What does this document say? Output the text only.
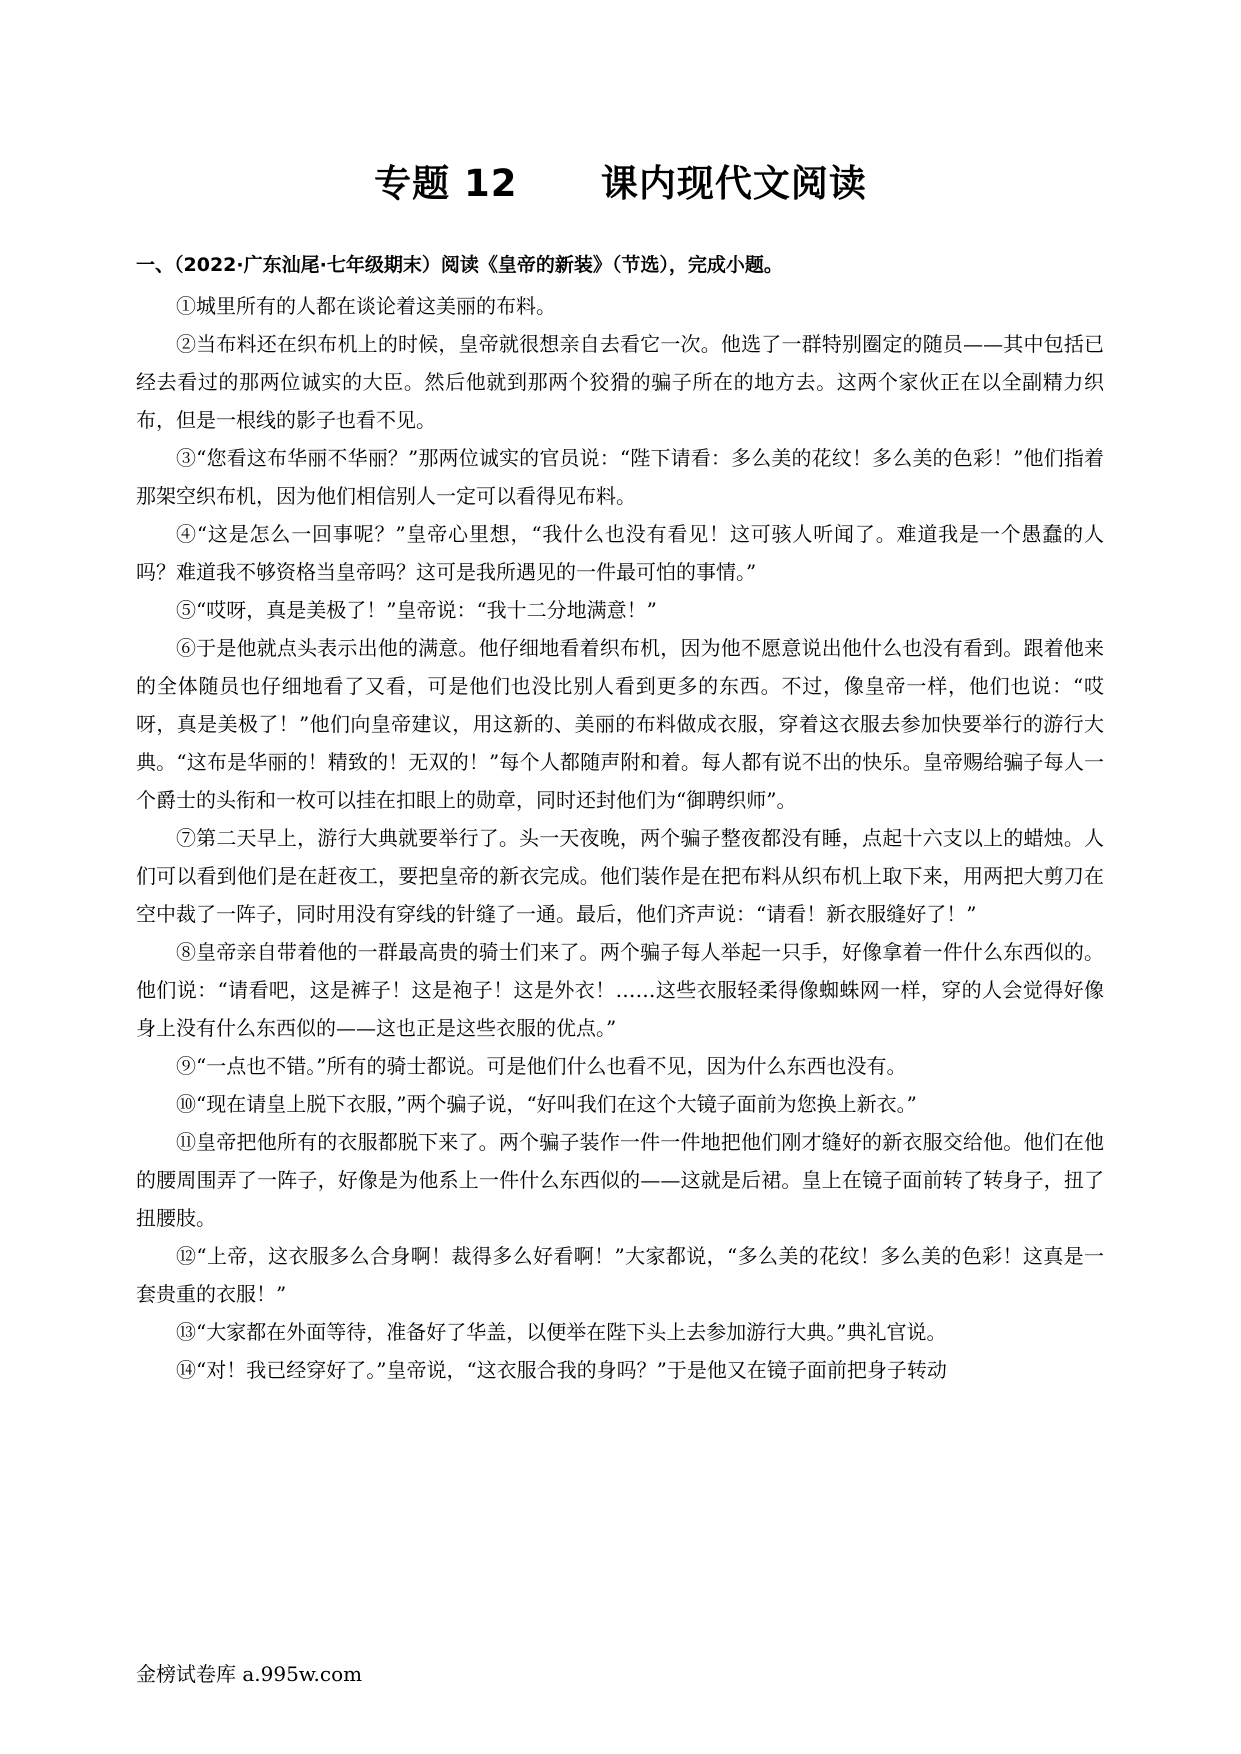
专题 12      课内现代文阅读
一、（2022·广东汕尾·七年级期末）阅读《皇帝的新装》（节选），完成小题。

①城里所有的人都在谈论着这美丽的布料。

②当布料还在织布机上的时候，皇帝就很想亲自去看它一次。他选了一群特别圈定的随员——其中包括已经去看过的那两位诚实的大臣。然后他就到那两个狡猾的骗子所在的地方去。这两个家伙正在以全副精力织布，但是一根线的影子也看不见。

③“您看这布华丽不华丽？”那两位诚实的官员说：“陛下请看：多么美的花纹！多么美的色彩！”他们指着那架空织布机，因为他们相信别人一定可以看得见布料。

④“这是怎么一回事呢？”皇帝心里想，“我什么也没有看见！这可骇人听闻了。难道我是一个愚蠢的人吗？难道我不够资格当皇帝吗？这可是我所遇见的一件最可怕的事情。”

⑤“哎呀，真是美极了！”皇帝说：“我十二分地满意！”

⑥于是他就点头表示出他的满意。他仔细地看着织布机，因为他不愿意说出他什么也没有看到。跟着他来的全体随员也仔细地看了又看，可是他们也没比别人看到更多的东西。不过，像皇帝一样，他们也说：“哎呀，真是美极了！”他们向皇帝建议，用这新的、美丽的布料做成衣服，穿着这衣服去参加快要举行的游行大典。“这布是华丽的！精致的！无双的！”每个人都随声附和着。每人都有说不出的快乐。皇帝赐给骗子每人一个爵士的头衔和一枚可以挂在扣眼上的勋章，同时还封他们为“御聘织师”。

⑦第二天早上，游行大典就要举行了。头一天夜晚，两个骗子整夜都没有睡，点起十六支以上的蜡烛。人们可以看到他们是在赶夜工，要把皇帝的新衣完成。他们装作是在把布料从织布机上取下来，用两把大剪刀在空中裁了一阵子，同时用没有穿线的针缝了一通。最后，他们齐声说：“请看！新衣服缝好了！”

⑧皇帝亲自带着他的一群最高贵的骑士们来了。两个骗子每人举起一只手，好像拿着一件什么东西似的。他们说：“请看吧，这是裤子！这是袍子！这是外衣！……这些衣服轻柔得像蜘蛛网一样，穿的人会觉得好像身上没有什么东西似的——这也正是这些衣服的优点。”

⑨“一点也不错。”所有的骑士都说。可是他们什么也看不见，因为什么东西也没有。

⑩“现在请皇上脱下衣服，”两个骗子说，“好叫我们在这个大镜子面前为您换上新衣。”

⑪皇帝把他所有的衣服都脱下来了。两个骗子装作一件一件地把他们刚才缝好的新衣服交给他。他们在他的腰周围弄了一阵子，好像是为他系上一件什么东西似的——这就是后裙。皇上在镜子面前转了转身子，扭了扭腰肢。

⑫“上帝，这衣服多么合身啊！裁得多么好看啊！”大家都说，“多么美的花纹！多么美的色彩！这真是一套贵重的衣服！”

⑬“大家都在外面等待，准备好了华盖，以便举在陛下头上去参加游行大典。”典礼官说。

⑭“对！我已经穿好了。”皇帝说，“这衣服合我的身吗？”于是他又在镜子面前把身子转动

金榜试卷库 a.995w.com
